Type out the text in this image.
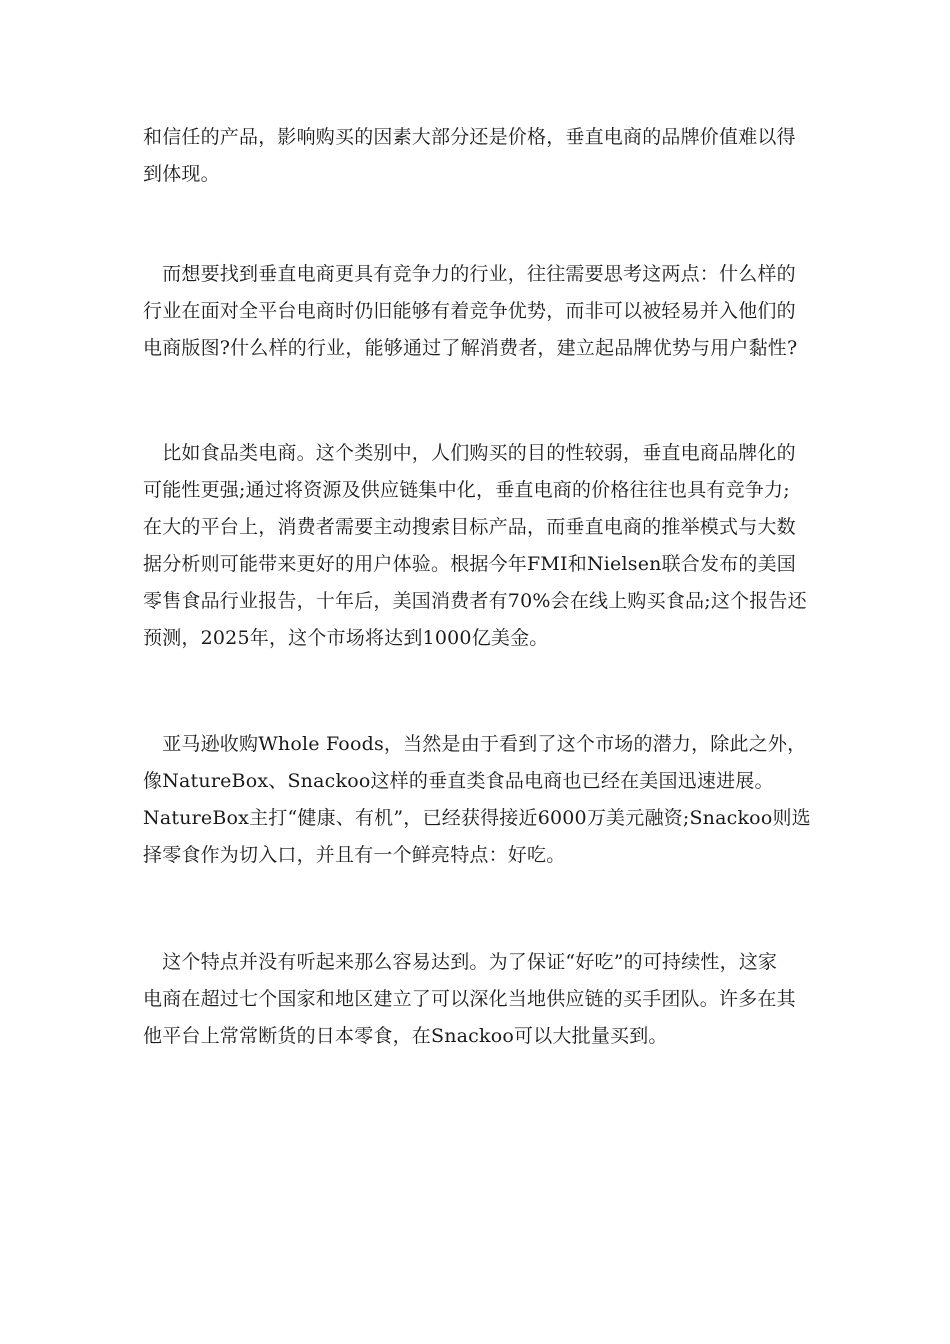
和信任的产品，影响购买的因素大部分还是价格，垂直电商的品牌价值难以得
到体现。
　而想要找到垂直电商更具有竞争力的行业，往往需要思考这两点：什么样的
行业在面对全平台电商时仍旧能够有着竞争优势，而非可以被轻易并入他们的
电商版图?什么样的行业，能够通过了解消费者，建立起品牌优势与用户黏性?
　比如食品类电商。这个类别中，人们购买的目的性较弱，垂直电商品牌化的
可能性更强;通过将资源及供应链集中化，垂直电商的价格往往也具有竞争力;
在大的平台上，消费者需要主动搜索目标产品，而垂直电商的推举模式与大数
据分析则可能带来更好的用户体验。根据今年FMI和Nielsen联合发布的美国
零售食品行业报告，十年后，美国消费者有70%会在线上购买食品;这个报告还
预测，2025年，这个市场将达到1000亿美金。
　亚马逊收购Whole Foods，当然是由于看到了这个市场的潜力，除此之外，
像NatureBox、Snackoo这样的垂直类食品电商也已经在美国迅速进展。
NatureBox主打“健康、有机”，已经获得接近6000万美元融资;Snackoo则选
择零食作为切入口，并且有一个鲜亮特点：好吃。
　这个特点并没有听起来那么容易达到。为了保证“好吃”的可持续性，这家
电商在超过七个国家和地区建立了可以深化当地供应链的买手团队。许多在其
他平台上常常断货的日本零食，在Snackoo可以大批量买到。
